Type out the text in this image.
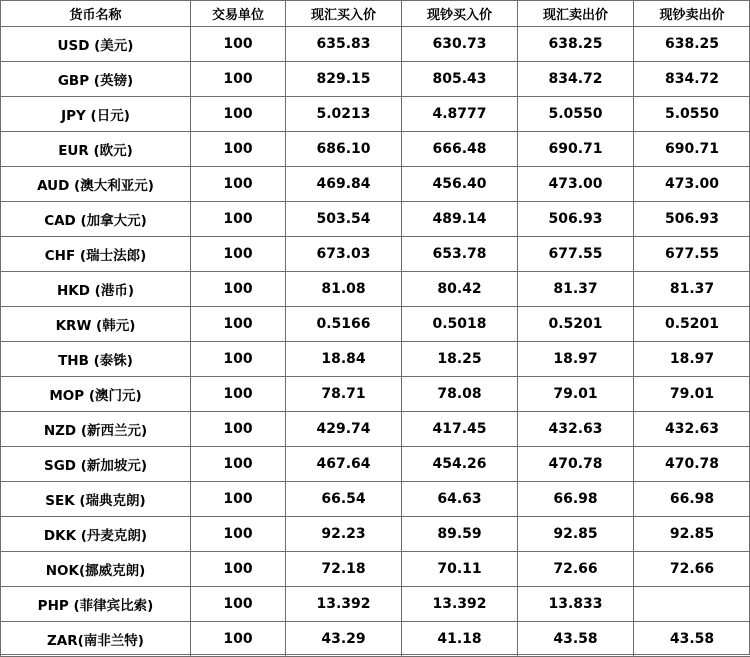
货币名称	交易单位	现汇买入价	现钞买入价	现汇卖出价	现钞卖出价
USD (美元)	100	635.83	630.73	638.25	638.25
GBP (英镑)	100	829.15	805.43	834.72	834.72
JPY (日元)	100	5.0213	4.8777	5.0550	5.0550
EUR (欧元)	100	686.10	666.48	690.71	690.71
AUD (澳大利亚元)	100	469.84	456.40	473.00	473.00
CAD (加拿大元)	100	503.54	489.14	506.93	506.93
CHF (瑞士法郎)	100	673.03	653.78	677.55	677.55
HKD (港币)	100	81.08	80.42	81.37	81.37
KRW (韩元)	100	0.5166	0.5018	0.5201	0.5201
THB (泰铢)	100	18.84	18.25	18.97	18.97
MOP (澳门元)	100	78.71	78.08	79.01	79.01
NZD (新西兰元)	100	429.74	417.45	432.63	432.63
SGD (新加坡元)	100	467.64	454.26	470.78	470.78
SEK (瑞典克朗)	100	66.54	64.63	66.98	66.98
DKK (丹麦克朗)	100	92.23	89.59	92.85	92.85
NOK(挪威克朗)	100	72.18	70.11	72.66	72.66
PHP (菲律宾比索)	100	13.392	13.392	13.833	
ZAR(南非兰特)	100	43.29	41.18	43.58	43.58
